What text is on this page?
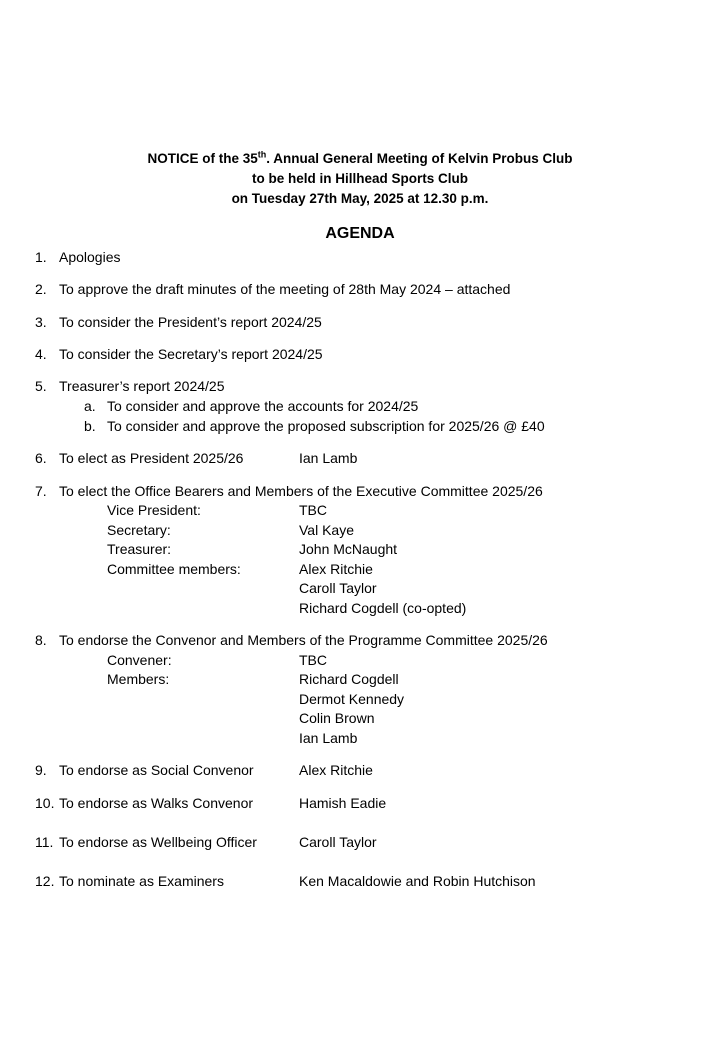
NOTICE of the 35th. Annual General Meeting of Kelvin Probus Club
to be held in Hillhead Sports Club
on Tuesday 27th May, 2025 at 12.30 p.m.
AGENDA
1. Apologies
2. To approve the draft minutes of the meeting of 28th May 2024 – attached
3. To consider the President’s report 2024/25
4. To consider the Secretary’s report 2024/25
5. Treasurer’s report 2024/25
a. To consider and approve the accounts for 2024/25
b. To consider and approve the proposed subscription for 2025/26 @ £40
6. To elect as President 2025/26	Ian Lamb
7. To elect the Office Bearers and Members of the Executive Committee 2025/26
Vice President:	TBC
Secretary:	Val Kaye
Treasurer:	John McNaught
Committee members:	Alex Ritchie
Caroll Taylor
Richard Cogdell (co-opted)
8. To endorse the Convenor and Members of the Programme Committee 2025/26
Convener:	TBC
Members:	Richard Cogdell
Dermot Kennedy
Colin Brown
Ian Lamb
9. To endorse as Social Convenor	Alex Ritchie
10. To endorse as Walks Convenor	Hamish Eadie
11. To endorse as Wellbeing Officer	Caroll Taylor
12. To nominate as Examiners	Ken Macaldowie and Robin Hutchison
